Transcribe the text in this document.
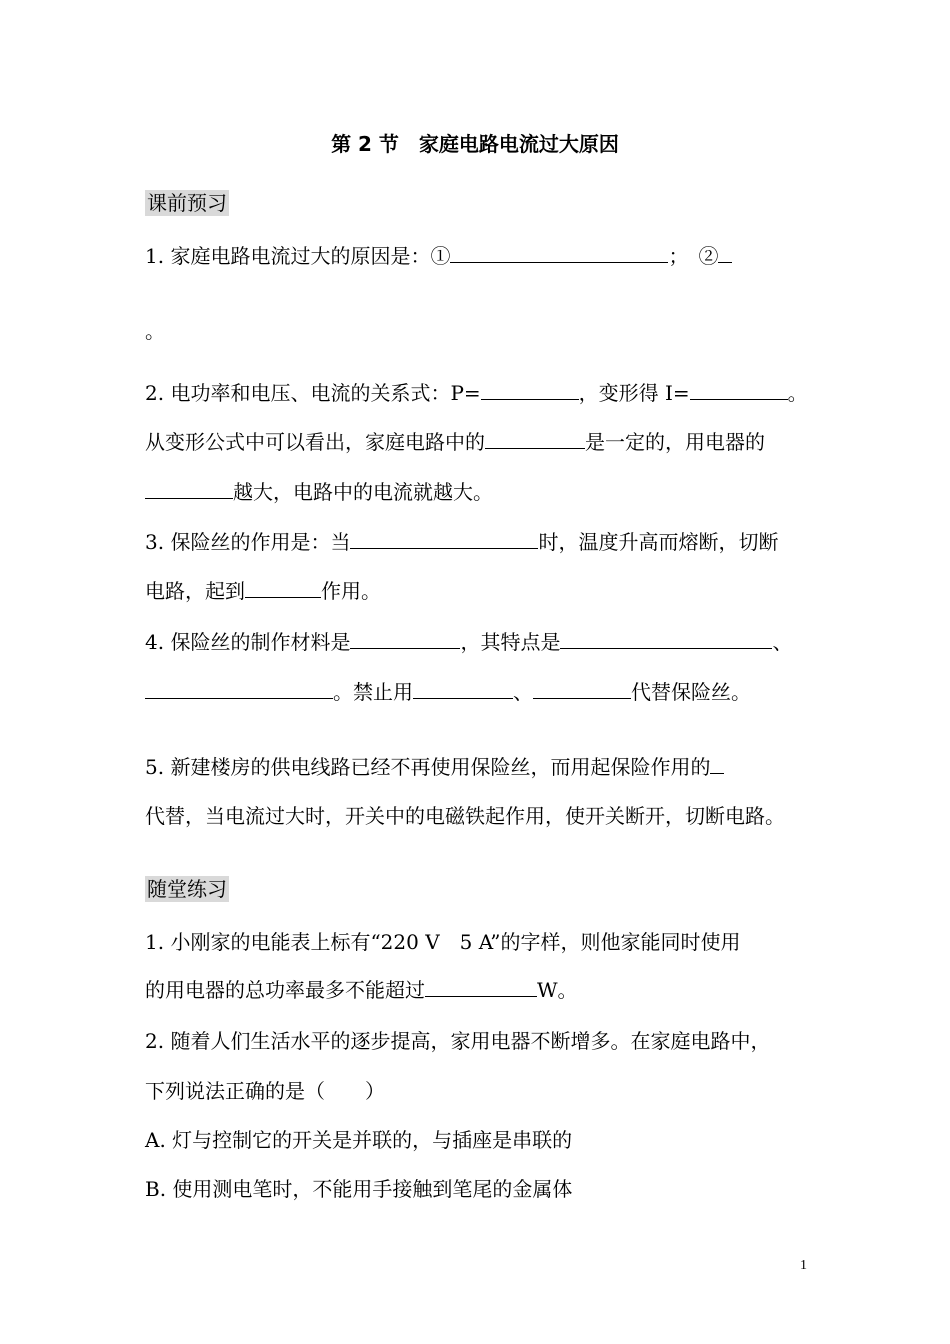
第 2 节　家庭电路电流过大原因
课前预习
1. 家庭电路电流过大的原因是：①	；　②
。
2. 电功率和电压、电流的关系式：P=	，变形得 I=	。
从变形公式中可以看出，家庭电路中的	是一定的，用电器的
越大，电路中的电流就越大。
3. 保险丝的作用是：当	时，温度升高而熔断，切断
电路，起到	作用。
4. 保险丝的制作材料是	，其特点是	、
。禁止用	、	代替保险丝。
5. 新建楼房的供电线路已经不再使用保险丝，而用起保险作用的
代替，当电流过大时，开关中的电磁铁起作用，使开关断开，切断电路。
随堂练习
1. 小刚家的电能表上标有“220 V　5 A”的字样，则他家能同时使用
的用电器的总功率最多不能超过	W。
2. 随着人们生活水平的逐步提高，家用电器不断增多。在家庭电路中，
下列说法正确的是（　　）
A. 灯与控制它的开关是并联的，与插座是串联的
B. 使用测电笔时，不能用手接触到笔尾的金属体
1
